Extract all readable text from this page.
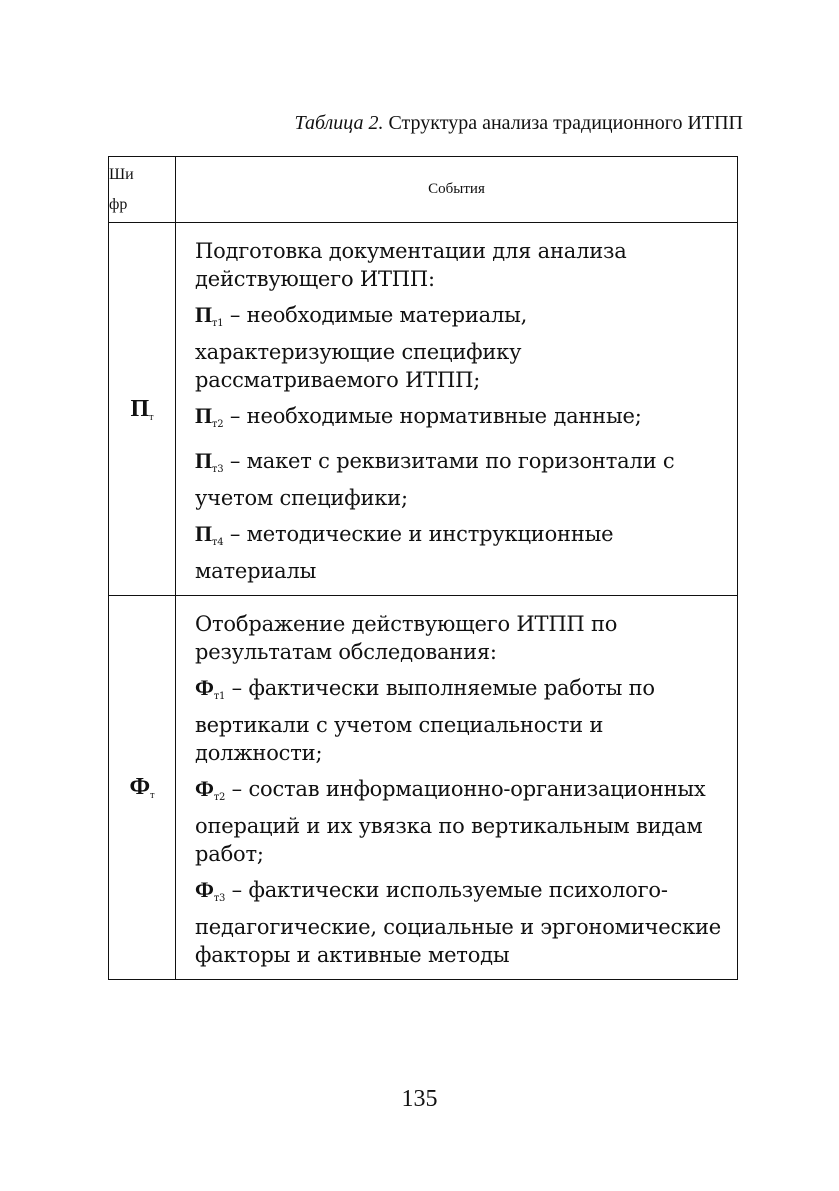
Таблица 2. Структура анализа традиционного ИТПП
Ши
фр	События
$П_т$	Подготовка документации для анализа действующего ИТПП:

$П_{т1}$ – необходимые материалы, характеризующие специфику рассматриваемого ИТПП;

$П_{т2}$ – необходимые нормативные данные;

$П_{т3}$ – макет с реквизитами по горизонтали с учетом специфики;

$П_{т4}$ – методические и инструкционные материалы

$Ф_т$	Отображение действующего ИТПП по результатам обследования:

$Ф_{т1}$ – фактически выполняемые работы по вертикали с учетом специальности и должности;

$Ф_{т2}$ – состав информационно-организационных операций и их увязка по вертикальным видам работ;

$Ф_{т3}$ – фактически используемые психолого-педагогические, социальные и эргономические факторы и активные методы

135
